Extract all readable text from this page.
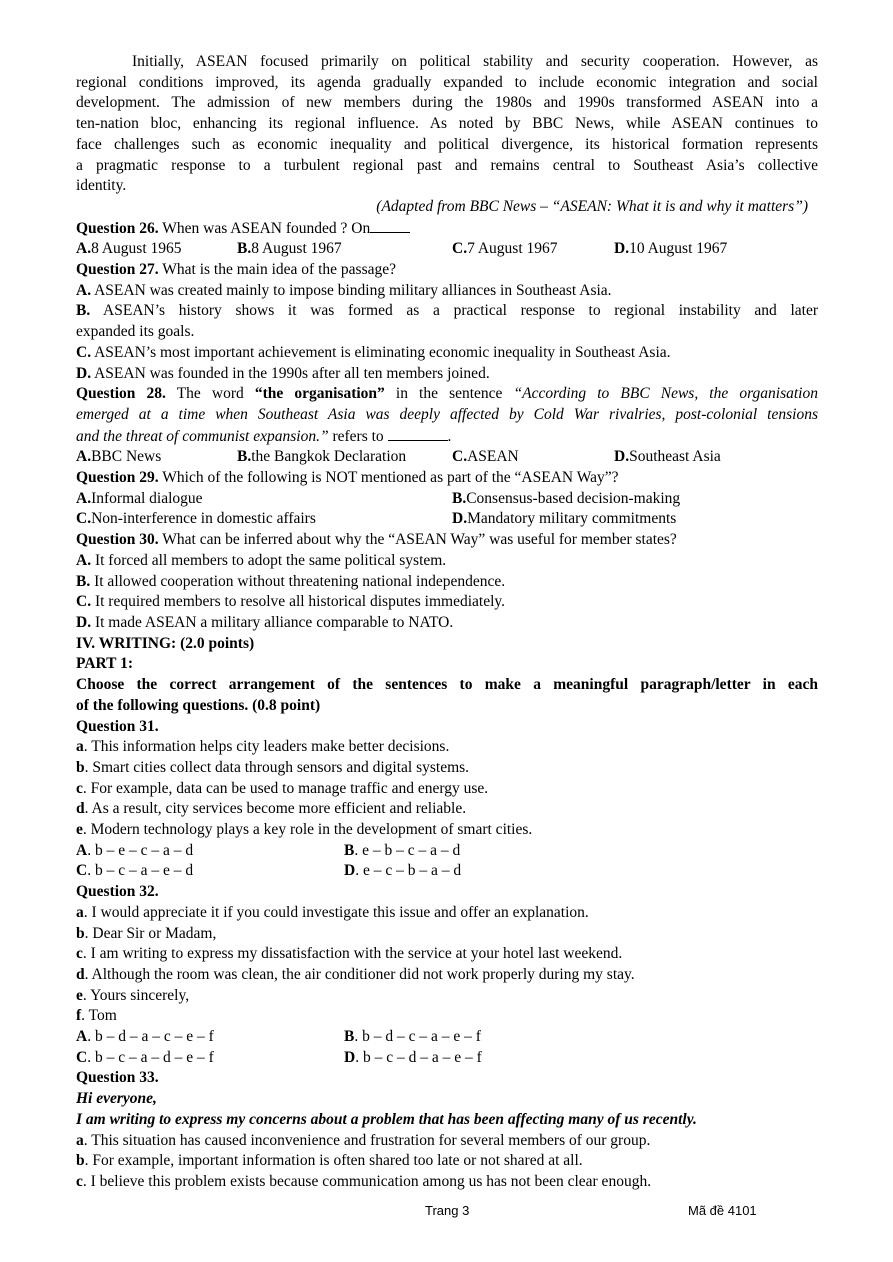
Initially, ASEAN focused primarily on political stability and security cooperation. However, as
regional conditions improved, its agenda gradually expanded to include economic integration and social
development. The admission of new members during the 1980s and 1990s transformed ASEAN into a
ten-nation bloc, enhancing its regional influence. As noted by BBC News, while ASEAN continues to
face challenges such as economic inequality and political divergence, its historical formation represents
a pragmatic response to a turbulent regional past and remains central to Southeast Asia’s collective
identity.
(Adapted from BBC News – “ASEAN: What it is and why it matters”)
Question 26. When was ASEAN founded ? On
A.8 August 1965	B.8 August 1967	C.7 August 1967	D.10 August 1967
Question 27. What is the main idea of the passage?
A. ASEAN was created mainly to impose binding military alliances in Southeast Asia.
B. ASEAN’s history shows it was formed as a practical response to regional instability and later
expanded its goals.
C. ASEAN’s most important achievement is eliminating economic inequality in Southeast Asia.
D. ASEAN was founded in the 1990s after all ten members joined.
Question 28. The word “the organisation” in the sentence “According to BBC News, the organisation
emerged at a time when Southeast Asia was deeply affected by Cold War rivalries, post-colonial tensions
and the threat of communist expansion.” refers to	.
A.BBC News	B.the Bangkok Declaration	C.ASEAN	D.Southeast Asia
Question 29. Which of the following is NOT mentioned as part of the “ASEAN Way”?
A.Informal dialogue	B.Consensus-based decision-making
C.Non-interference in domestic affairs	D.Mandatory military commitments
Question 30. What can be inferred about why the “ASEAN Way” was useful for member states?
A. It forced all members to adopt the same political system.
B. It allowed cooperation without threatening national independence.
C. It required members to resolve all historical disputes immediately.
D. It made ASEAN a military alliance comparable to NATO.
IV. WRITING: (2.0 points)
PART 1:
Choose the correct arrangement of the sentences to make a meaningful paragraph/letter in each
of the following questions. (0.8 point)
Question 31.
a. This information helps city leaders make better decisions.
b. Smart cities collect data through sensors and digital systems.
c. For example, data can be used to manage traffic and energy use.
d. As a result, city services become more efficient and reliable.
e. Modern technology plays a key role in the development of smart cities.
A. b – e – c – a – d	B. e – b – c – a – d
C. b – c – a – e – d	D. e – c – b – a – d
Question 32.
a. I would appreciate it if you could investigate this issue and offer an explanation.
b. Dear Sir or Madam,
c. I am writing to express my dissatisfaction with the service at your hotel last weekend.
d. Although the room was clean, the air conditioner did not work properly during my stay.
e. Yours sincerely,
f. Tom
A. b – d – a – c – e – f	B. b – d – c – a – e – f
C. b – c – a – d – e – f	D. b – c – d – a – e – f
Question 33.
Hi everyone,
I am writing to express my concerns about a problem that has been affecting many of us recently.
a. This situation has caused inconvenience and frustration for several members of our group.
b. For example, important information is often shared too late or not shared at all.
c. I believe this problem exists because communication among us has not been clear enough.
Trang 3	Mã đề 4101
